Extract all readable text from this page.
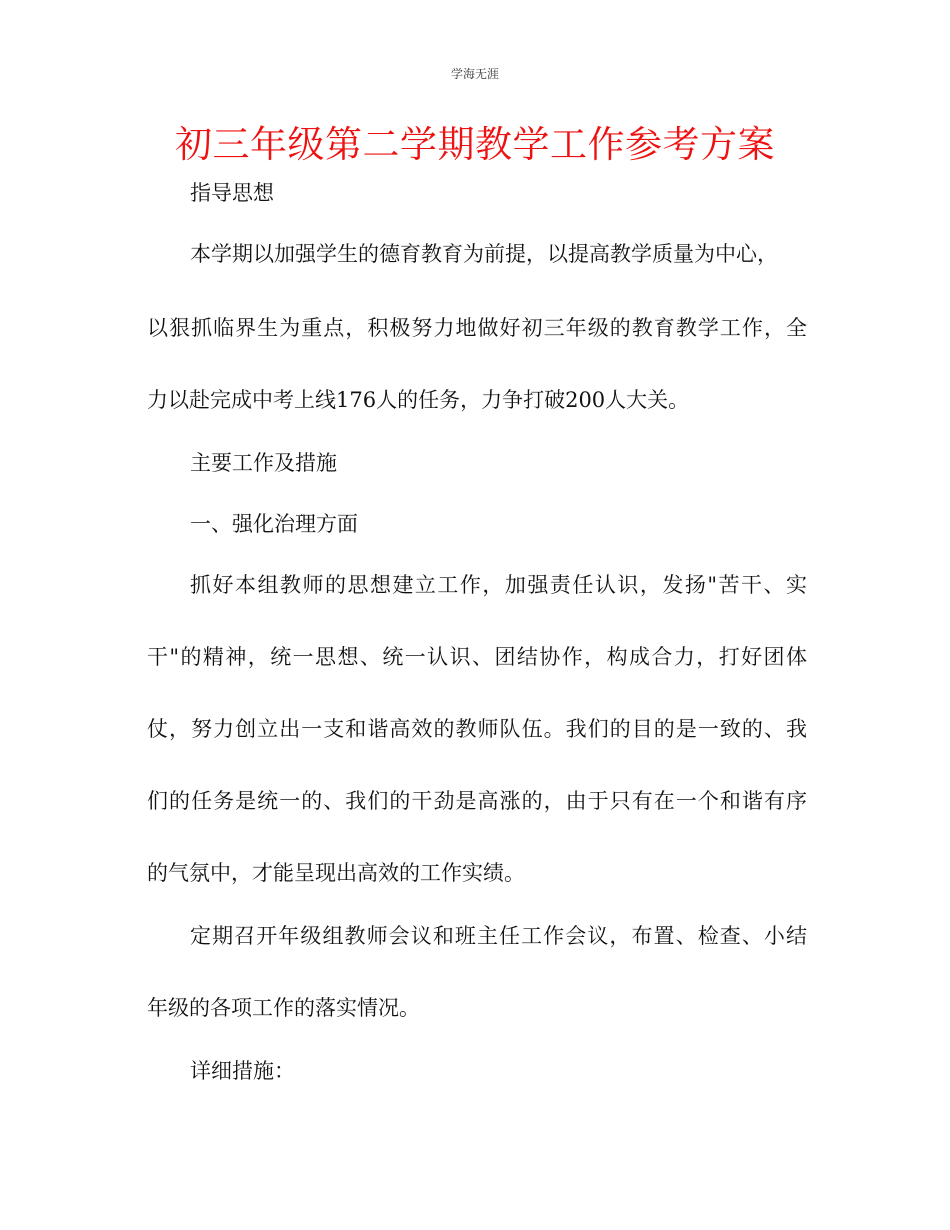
学海无涯
初三年级第二学期教学工作参考方案
指导思想
本学期以加强学生的德育教育为前提，以提高教学质量为中心，
以狠抓临界生为重点，积极努力地做好初三年级的教育教学工作，全
力以赴完成中考上线176人的任务，力争打破200人大关。
主要工作及措施
一、强化治理方面
抓好本组教师的思想建立工作，加强责任认识，发扬"苦干、实
干"的精神，统一思想、统一认识、团结协作，构成合力，打好团体
仗，努力创立出一支和谐高效的教师队伍。我们的目的是一致的、我
们的任务是统一的、我们的干劲是高涨的，由于只有在一个和谐有序
的气氛中，才能呈现出高效的工作实绩。
定期召开年级组教师会议和班主任工作会议，布置、检查、小结
年级的各项工作的落实情况。
详细措施：
